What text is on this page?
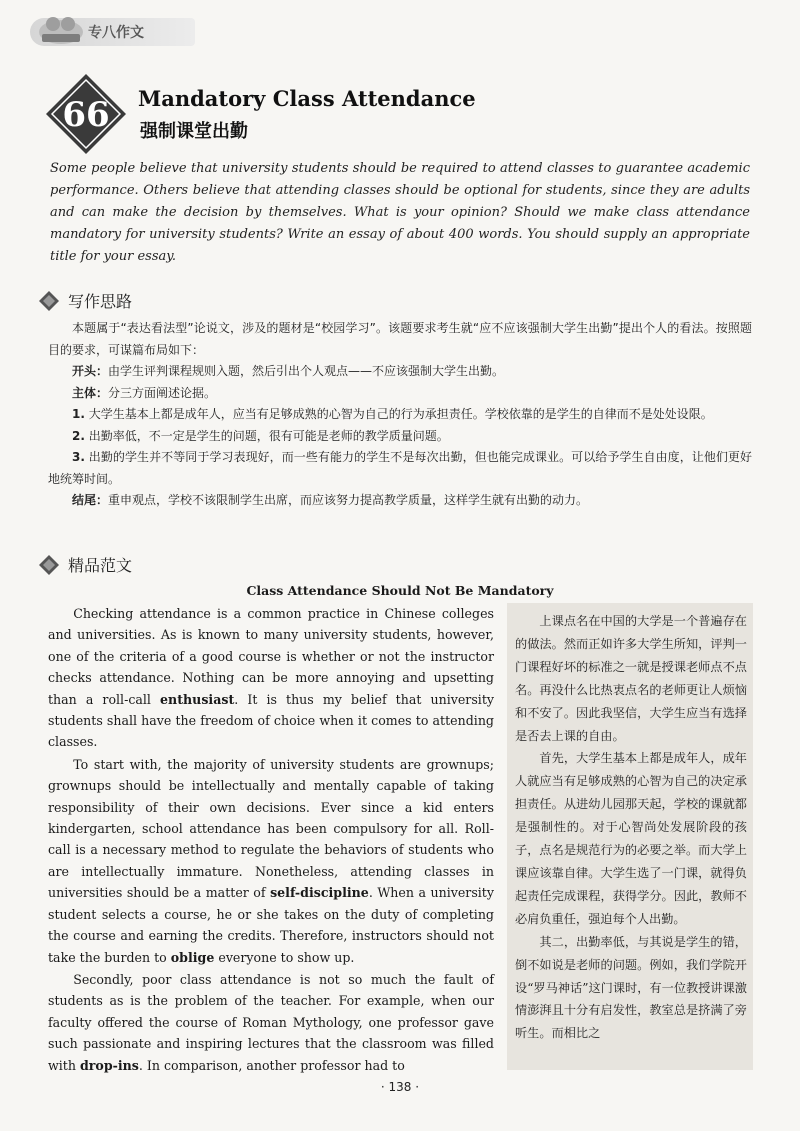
专八作文
66 Mandatory Class Attendance
强制课堂出勤
Some people believe that university students should be required to attend classes to guarantee academic performance. Others believe that attending classes should be optional for students, since they are adults and can make the decision by themselves. What is your opinion? Should we make class attendance mandatory for university students? Write an essay of about 400 words. You should supply an appropriate title for your essay.
写作思路

本题属于“表达看法型”论说文，涉及的题材是“校园学习”。该题要求考生就“应不应该强制大学生出勤”提出个人的看法。按照题目的要求，可谋篇布局如下：

开头：由学生评判课程规则入题，然后引出个人观点——不应该强制大学生出勤。

主体：分三方面阐述论据。

1. 大学生基本上都是成年人，应当有足够成熟的心智为自己的行为承担责任。学校依靠的是学生的自律而不是处处设限。

2. 出勤率低，不一定是学生的问题，很有可能是老师的教学质量问题。

3. 出勤的学生并不等同于学习表现好，而一些有能力的学生不是每次出勤，但也能完成课业。可以给予学生自由度，让他们更好地统筹时间。

结尾：重申观点，学校不该限制学生出席，而应该努力提高教学质量，这样学生就有出勤的动力。

精品范文
Class Attendance Should Not Be Mandatory

Checking attendance is a common practice in Chinese colleges and universities. As is known to many university students, however, one of the criteria of a good course is whether or not the instructor checks attendance. Nothing can be more annoying and upsetting than a roll-call enthusiast. It is thus my belief that university students shall have the freedom of choice when it comes to attending classes.

To start with, the majority of university students are grownups; grownups should be intellectually and mentally capable of taking responsibility of their own decisions. Ever since a kid enters kindergarten, school attendance has been compulsory for all. Roll-call is a necessary method to regulate the behaviors of students who are intellectually immature. Nonetheless, attending classes in universities should be a matter of self-discipline. When a university student selects a course, he or she takes on the duty of completing the course and earning the credits. Therefore, instructors should not take the burden to oblige everyone to show up.

Secondly, poor class attendance is not so much the fault of students as is the problem of the teacher. For example, when our faculty offered the course of Roman Mythology, one professor gave such passionate and inspiring lectures that the classroom was filled with drop-ins. In comparison, another professor had to

上课点名在中国的大学是一个普遍存在的做法。然而正如许多大学生所知，评判一门课程好坏的标准之一就是授课老师点不点名。再没什么比热衷点名的老师更让人烦恼和不安了。因此我坚信，大学生应当有选择是否去上课的自由。

首先，大学生基本上都是成年人，成年人就应当有足够成熟的心智为自己的决定承担责任。从进幼儿园那天起，学校的课就都是强制性的。对于心智尚处发展阶段的孩子，点名是规范行为的必要之举。而大学上课应该靠自律。大学生选了一门课，就得负起责任完成课程，获得学分。因此，教师不必肩负重任，强迫每个人出勤。

其二，出勤率低，与其说是学生的错，倒不如说是老师的问题。例如，我们学院开设“罗马神话”这门课时，有一位教授讲课激情澎湃且十分有启发性，教室总是挤满了旁听生。而相比之

· 138 ·
